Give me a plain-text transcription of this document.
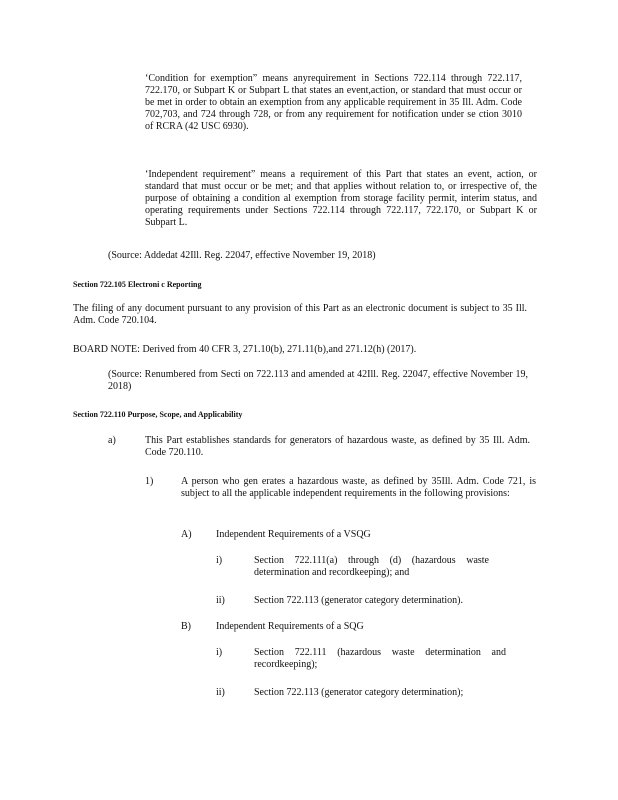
‘Condition for exemption” means anyrequirement in Sections 722.114 through 722.117, 722.170, or Subpart K or Subpart L that states an event,action, or standard that must occur or be met in order to obtain an exemption from any applicable requirement in 35 Ill. Adm. Code 702,703, and 724 through 728, or from any requirement for notification under se ction 3010 of RCRA (42 USC 6930).

‘Independent requirement” means a requirement of this Part that states an event, action, or standard that must occur or be met; and that applies without relation to, or irrespective of, the purpose of obtaining a condition al exemption from storage facility permit, interim status, and operating requirements under Sections 722.114 through 722.117, 722.170, or Subpart K or Subpart L.

(Source: Addedat 42Ill. Reg. 22047, effective November 19, 2018)

Section 722.105 Electroni c Reporting

The filing of any document pursuant to any provision of this Part as an electronic document is subject to 35 Ill. Adm. Code 720.104.

BOARD NOTE: Derived from 40 CFR 3, 271.10(b), 271.11(b),and 271.12(h) (2017).

(Source: Renumbered from Secti on 722.113 and amended at 42Ill. Reg. 22047, effective November 19, 2018)

Section 722.110 Purpose, Scope, and Applicability
a)	This Part establishes standards for generators of hazardous waste, as defined by 35 Ill. Adm. Code 720.110.

1)	A person who gen erates a hazardous waste, as defined by 35Ill. Adm. Code 721, is subject to all the applicable independent requirements in the following provisions:

A) Independent Requirements of a VSQG
i)	Section 722.111(a) through (d) (hazardous waste determination and recordkeeping); and

ii)	Section 722.113 (generator category determination).
B)	Independent Requirements of a SQG
i)	Section 722.111 (hazardous waste determination and recordkeeping);

ii)	Section 722.113 (generator category determination);
